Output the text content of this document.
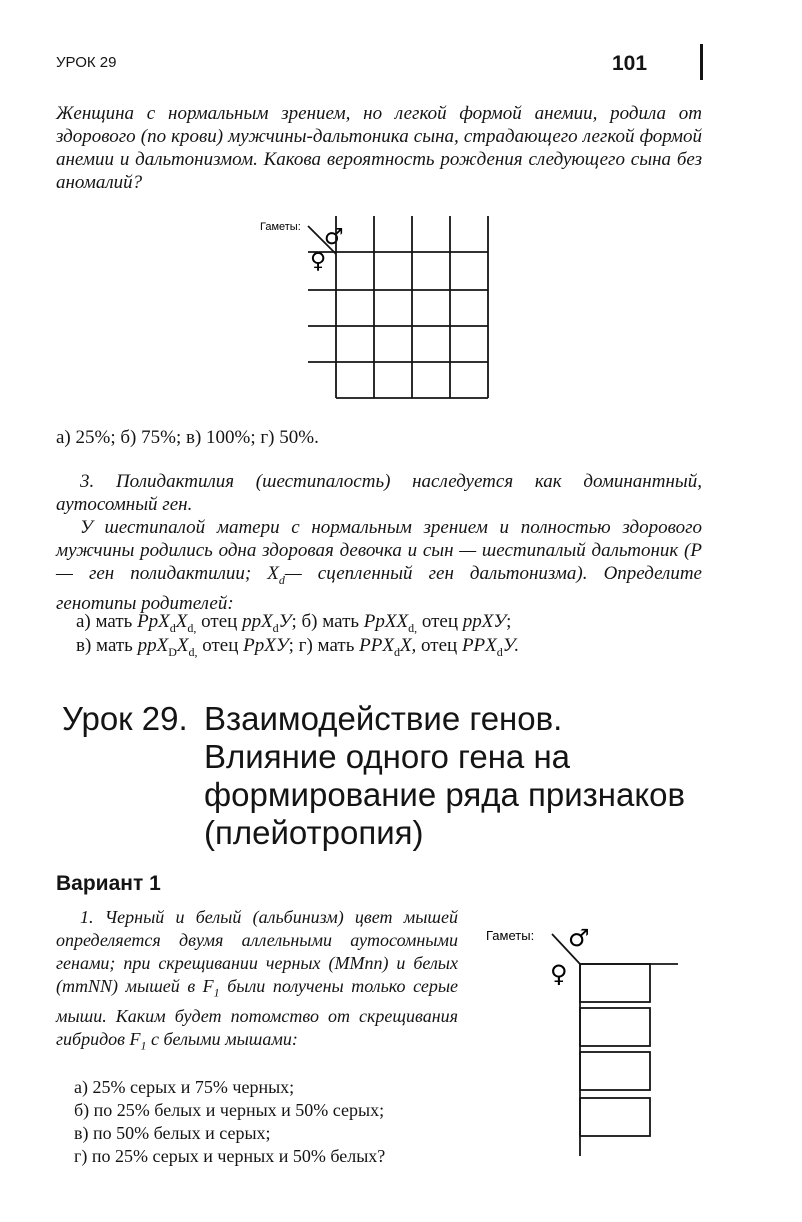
УРОК 29	101
Женщина с нормальным зрением, но легкой формой анемии, родила от здорового (по крови) мужчины-дальтоника сына, страдающего легкой формой анемии и дальтонизмом. Какова вероятность рождения следующего сына без аномалий?
Гаметы: ♂
♀
а) 25%; б) 75%; в) 100%; г) 50%.
3. Полидактилия (шестипалость) наследуется как доминантный, аутосомный ген.
У шестипалой матери с нормальным зрением и полностью здорового мужчины родились одна здоровая девочка и сын — шестипалый дальтоник (Р — ген полидактилии; $X_d—$ сцепленный ген дальтонизма). Определите генотипы родителей:
а) мать $PpX_dX_{d,}$ отец ppX$_d$У; б) мать PpXX$_{d,}$ отец ppXУ;
в) мать $ppX_DX_{d,}$ отец PpXУ; г) мать $PPX_dX$, отец $PPX_dУ$.
Урок 29. Взаимодействие генов.
Влияние одного гена на
формирование ряда признаков
(плейотропия)
Вариант 1
1. Черный и белый (альбинизм) цвет мышей определяется двумя аллельными аутосомными генами; при скрещивании черных (MMnn) и белых (mmNN) мышей в $F_1$ были получены только серые мыши. Каким будет потомство от скрещивания гибридов $F_1$ с белыми мышами:
а) 25% серых и 75% черных;
б) по 25% белых и черных и 50% серых;
в) по 50% белых и серых;
г) по 25% серых и черных и 50% белых?
Гаметы: ♂
♀
